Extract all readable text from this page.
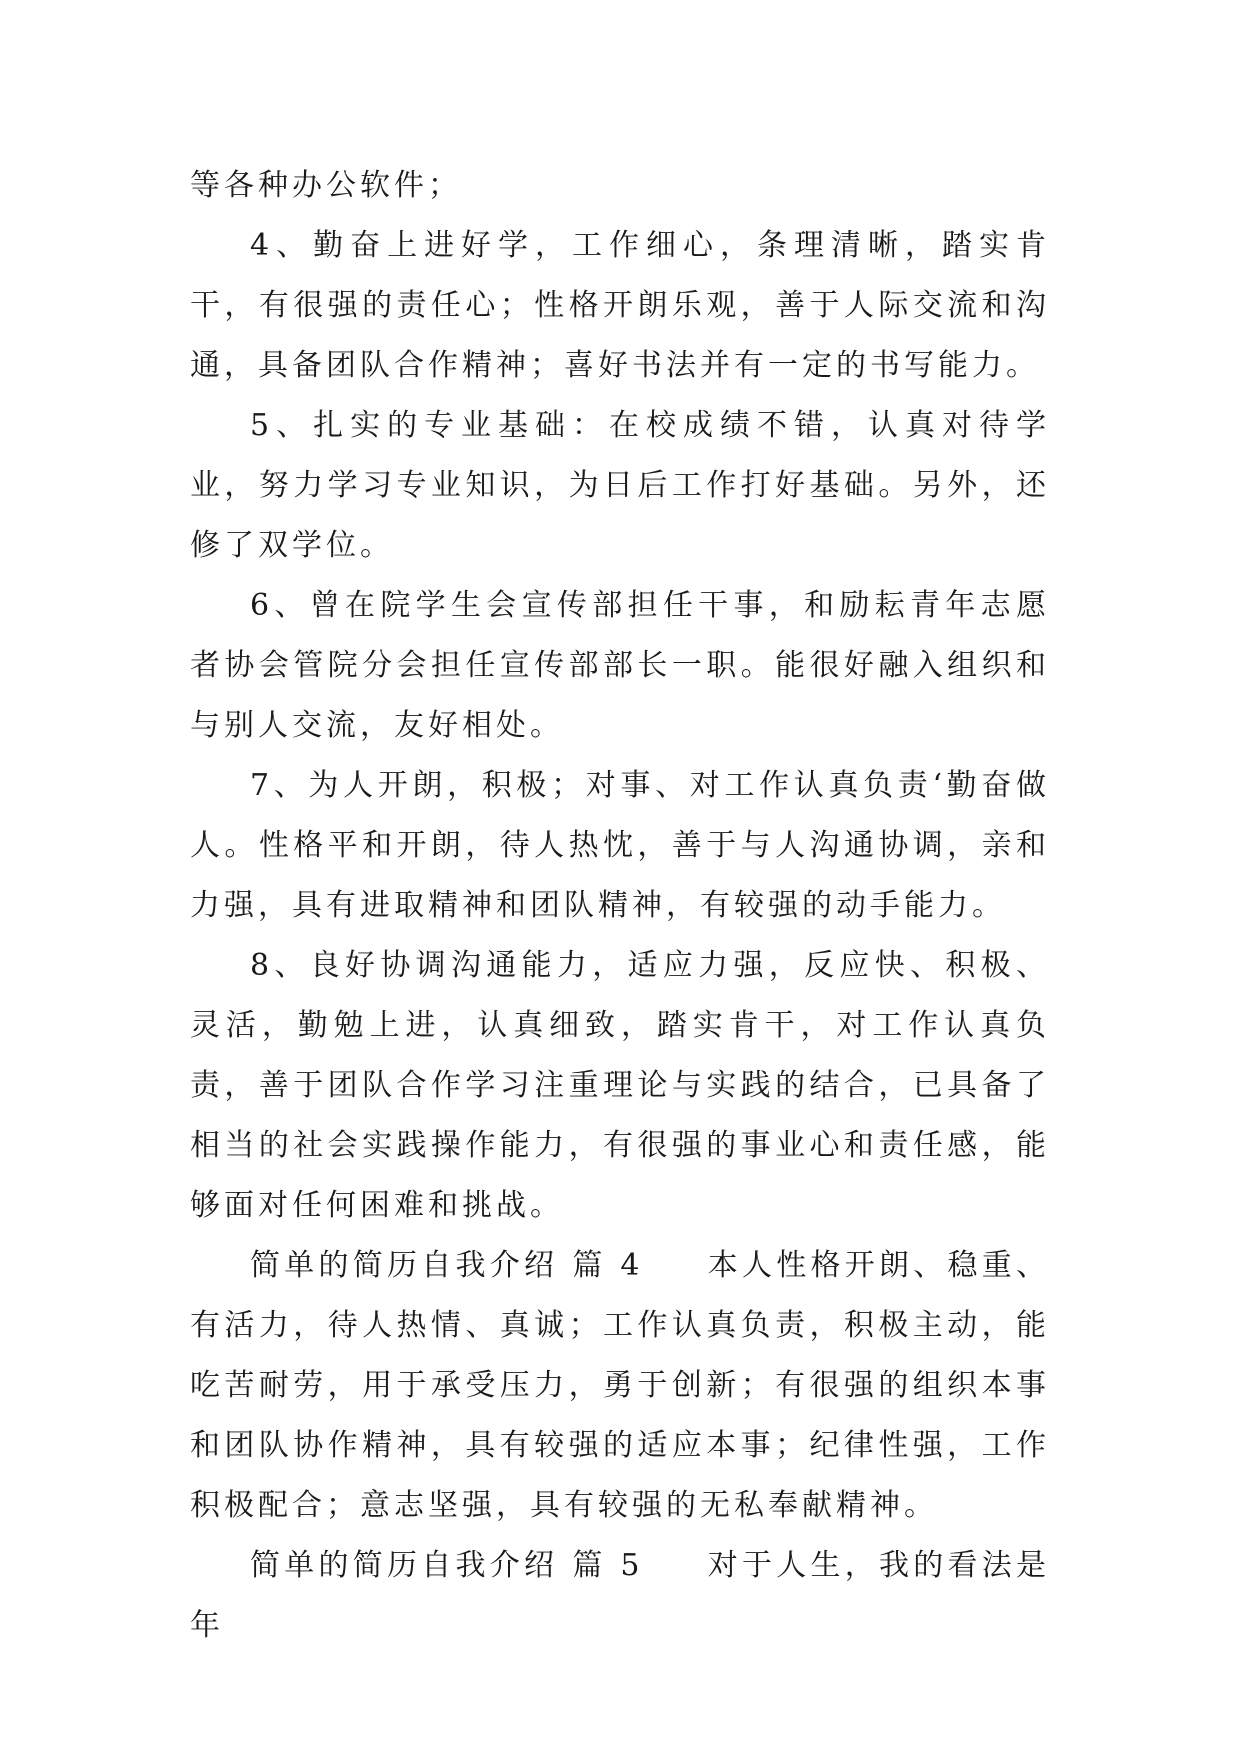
等各种办公软件；

4、勤奋上进好学，工作细心，条理清晰，踏实肯干，有很强的责任心；性格开朗乐观，善于人际交流和沟通，具备团队合作精神；喜好书法并有一定的书写能力。

5、扎实的专业基础：在校成绩不错，认真对待学业，努力学习专业知识，为日后工作打好基础。另外，还修了双学位。

6、曾在院学生会宣传部担任干事，和励耘青年志愿者协会管院分会担任宣传部部长一职。能很好融入组织和与别人交流，友好相处。

7、为人开朗，积极；对事、对工作认真负责‘勤奋做人。性格平和开朗，待人热忱，善于与人沟通协调，亲和力强，具有进取精神和团队精神，有较强的动手能力。

8、良好协调沟通能力，适应力强，反应快、积极、灵活，勤勉上进，认真细致，踏实肯干，对工作认真负责，善于团队合作学习注重理论与实践的结合，已具备了相当的社会实践操作能力，有很强的事业心和责任感，能够面对任何困难和挑战。

简单的简历自我介绍 篇 4 本人性格开朗、稳重、有活力，待人热情、真诚；工作认真负责，积极主动，能吃苦耐劳，用于承受压力，勇于创新；有很强的组织本事和团队协作精神，具有较强的适应本事；纪律性强，工作积极配合；意志坚强，具有较强的无私奉献精神。

简单的简历自我介绍 篇 5 对于人生，我的看法是年
